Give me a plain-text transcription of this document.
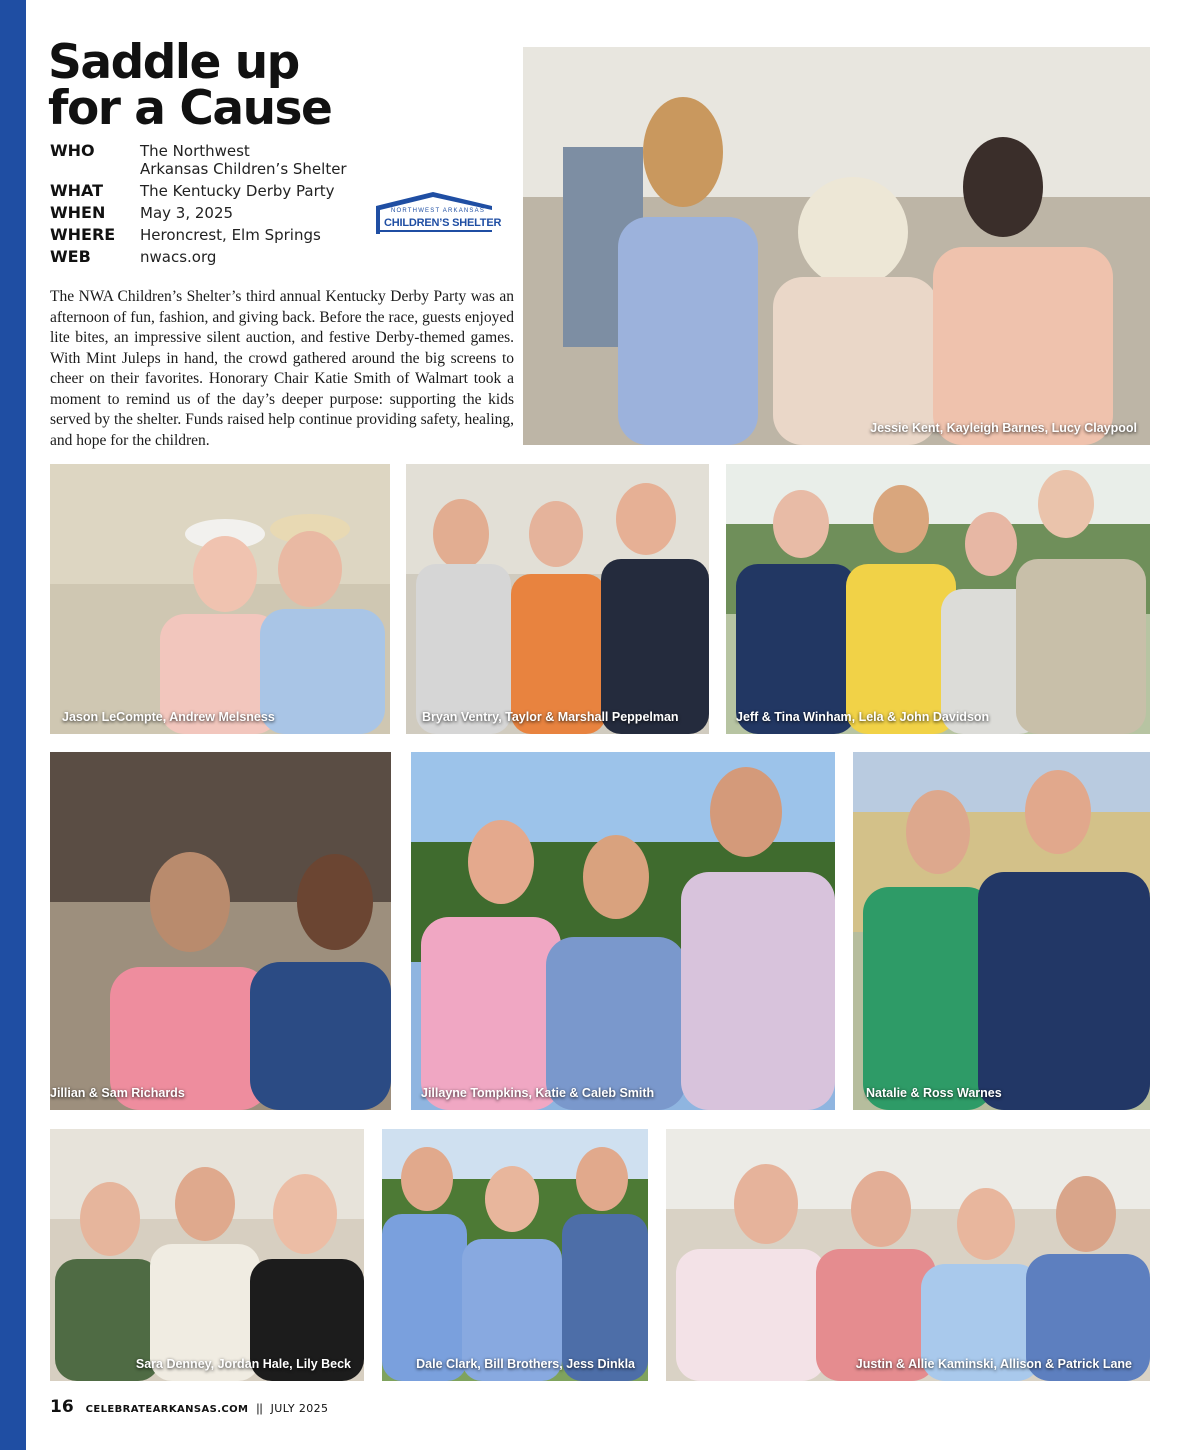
Saddle up
for a Cause
WHO	The Northwest
Arkansas Children’s Shelter
WHAT	The Kentucky Derby Party
WHEN	May 3, 2025
WHERE	Heroncrest, Elm Springs
WEB	nwacs.org
NORTHWEST ARKANSAS
CHILDREN’S SHELTER

The NWA Children’s Shelter’s third annual Kentucky Derby Party was an afternoon of fun, fashion, and giving back. Before the race, guests enjoyed lite bites, an impressive silent auction, and festive Derby-themed games. With Mint Juleps in hand, the crowd gathered around the big screens to cheer on their favorites. Honorary Chair Katie Smith of Walmart took a moment to remind us of the day’s deeper purpose: supporting the kids served by the shelter. Funds raised help continue providing safety, healing, and hope for the children.

Jessie Kent, Kayleigh Barnes, Lucy Claypool
Jason LeCompte, Andrew Melsness	Bryan Ventry, Taylor & Marshall Peppelman	Jeff & Tina Winham, Lela & John Davidson
Jillian & Sam Richards	Jillayne Tompkins, Katie & Caleb Smith	Natalie & Ross Warnes
Sara Denney, Jordan Hale, Lily Beck	Dale Clark, Bill Brothers, Jess Dinkla	Justin & Allie Kaminski, Allison & Patrick Lane
16 CELEBRATEARKANSAS.COM || JULY 2025
